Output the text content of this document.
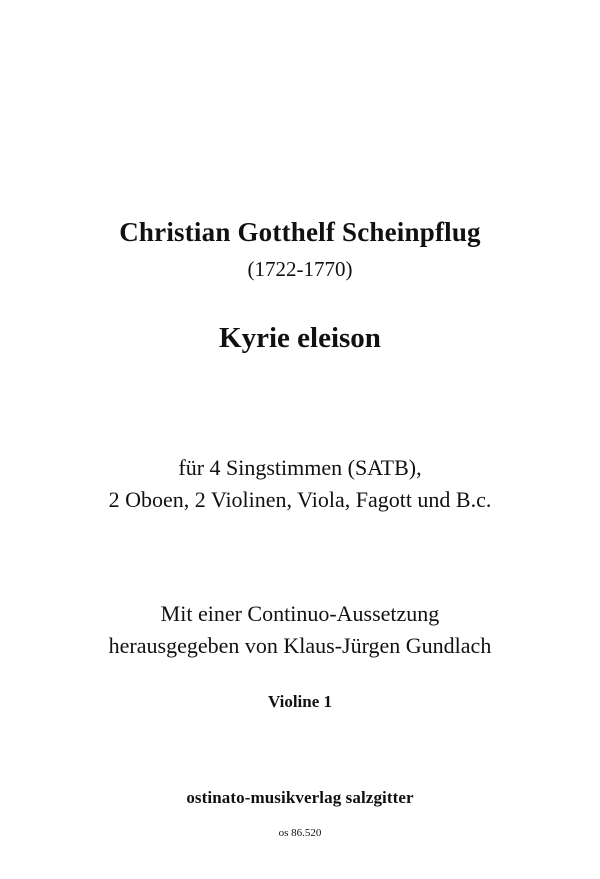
Christian Gotthelf Scheinpflug
(1722-1770)
Kyrie eleison
für 4 Singstimmen (SATB),
2 Oboen, 2 Violinen, Viola, Fagott und B.c.
Mit einer Continuo-Aussetzung
herausgegeben von Klaus-Jürgen Gundlach
Violine 1
ostinato-musikverlag salzgitter
os 86.520
